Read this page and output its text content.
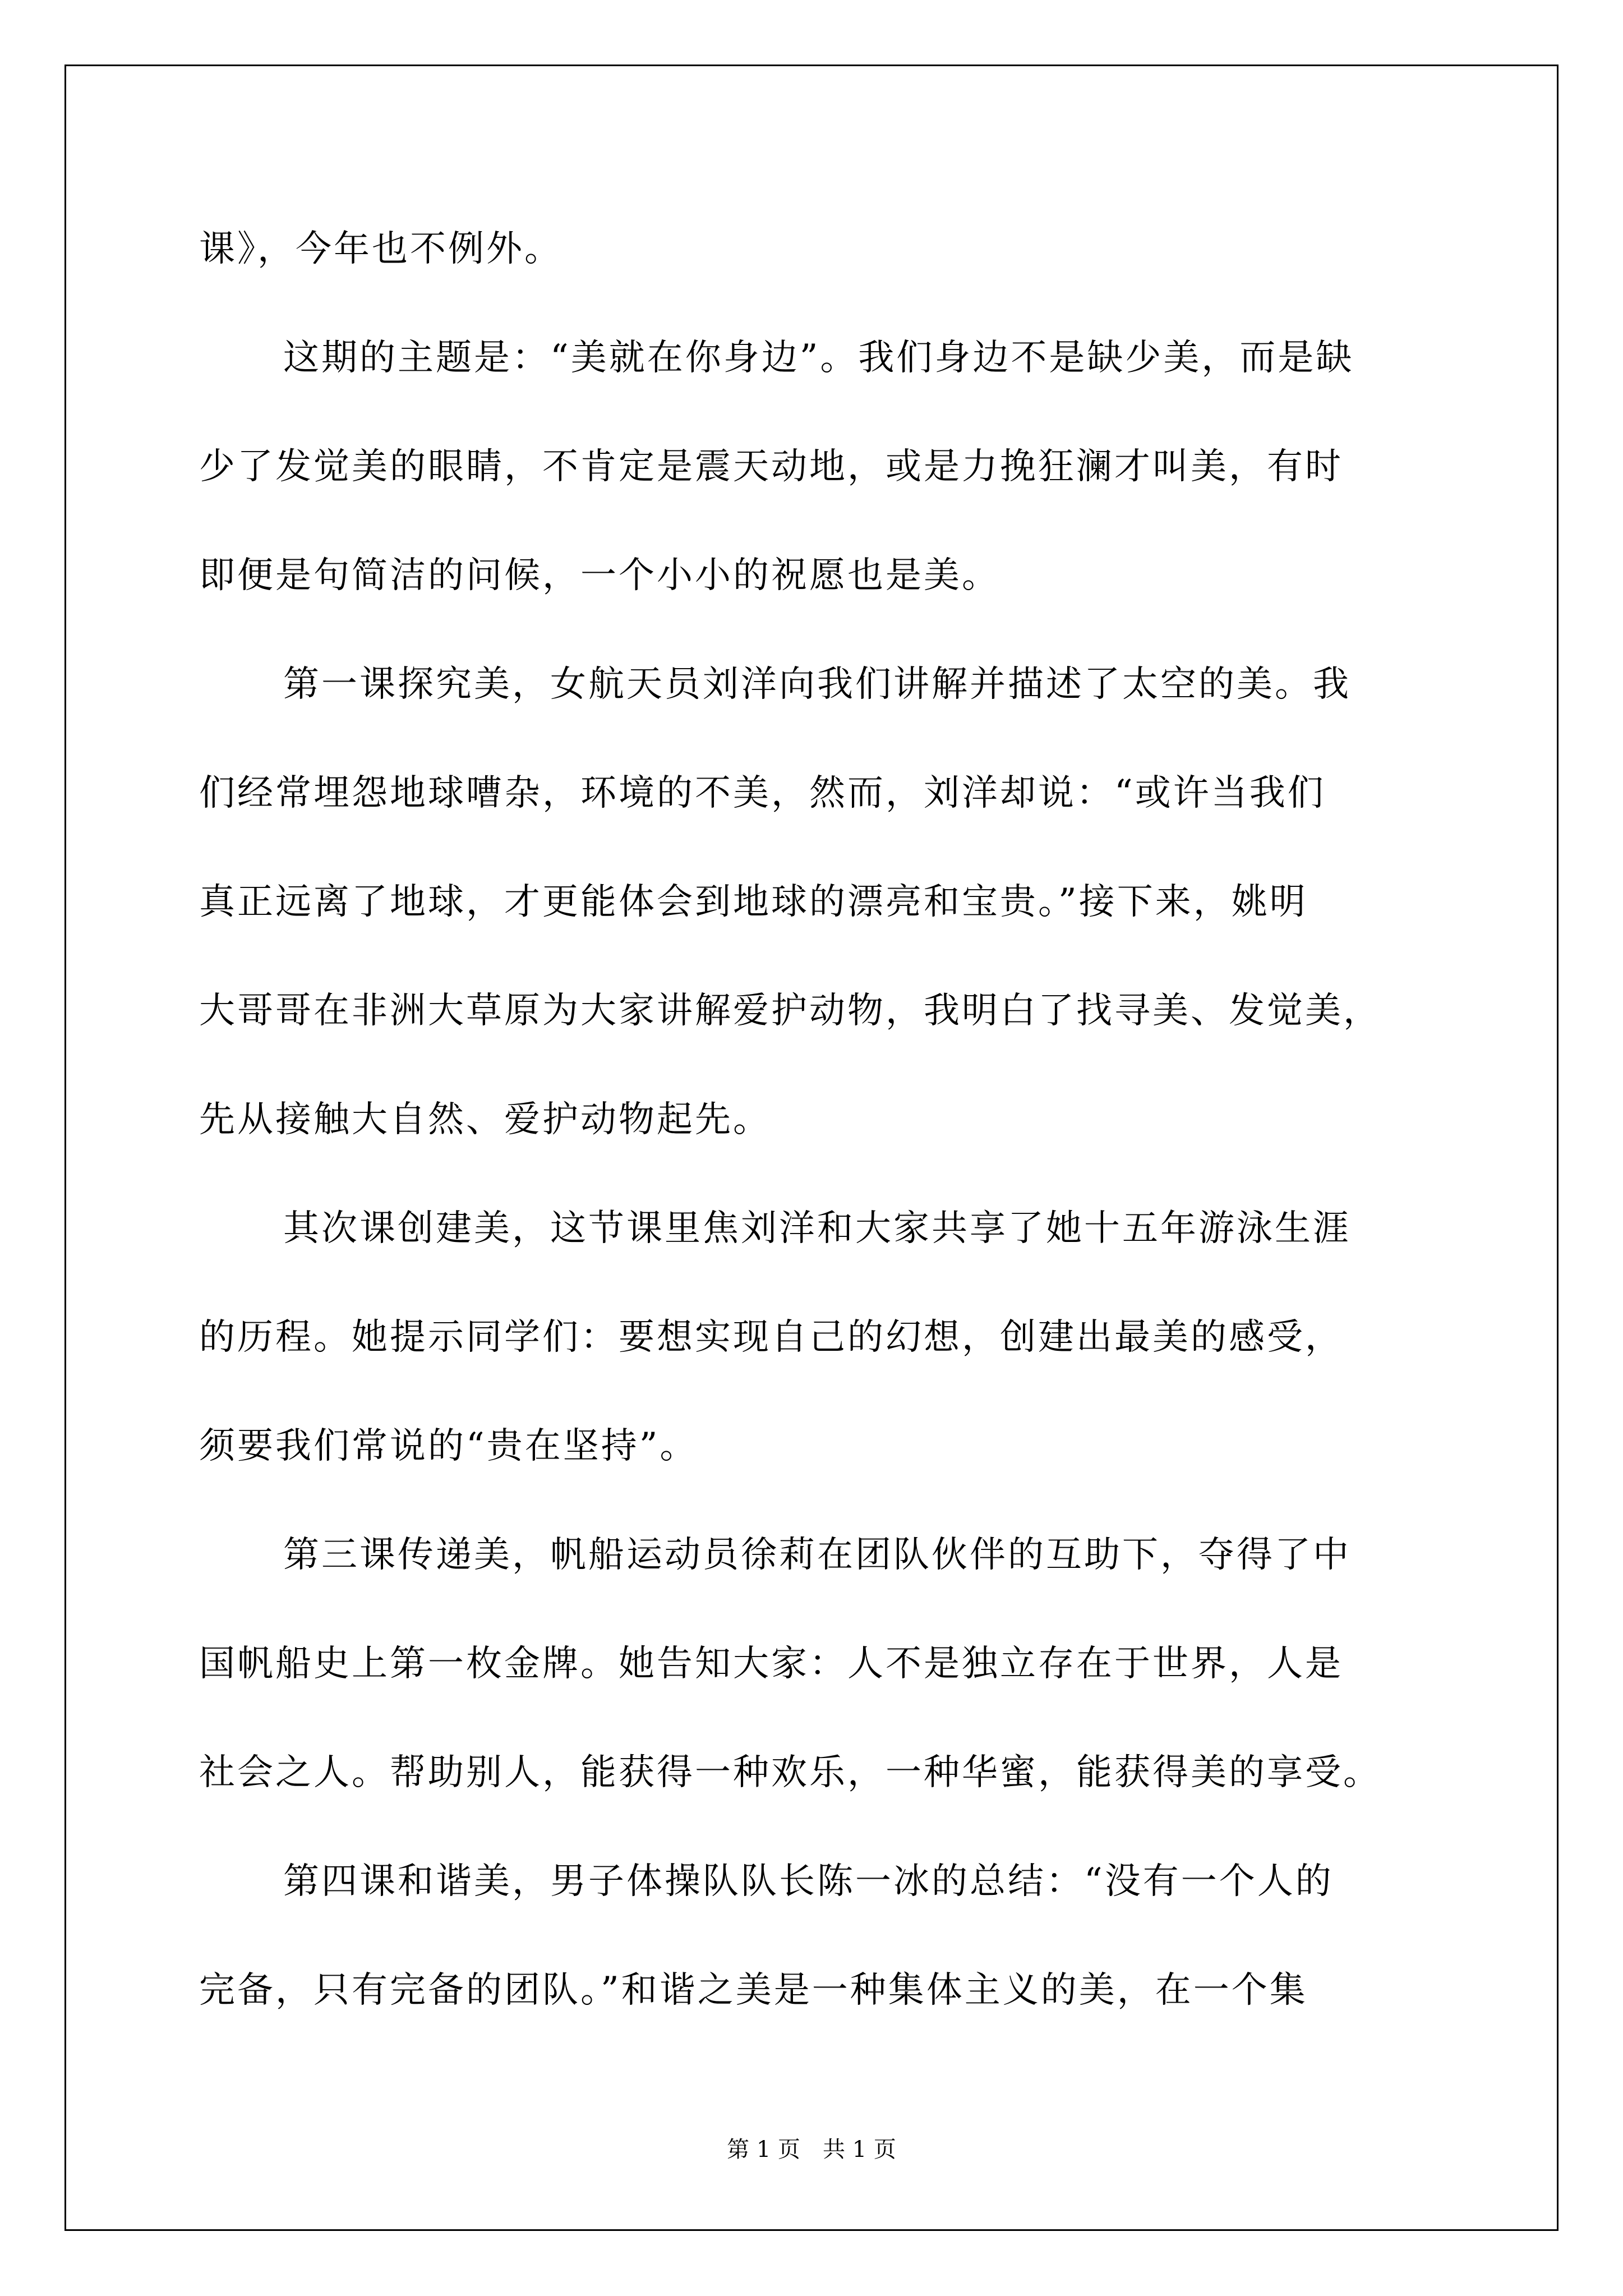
课》，今年也不例外。
这期的主题是：“美就在你身边”。我们身边不是缺少美，而是缺
少了发觉美的眼睛，不肯定是震天动地，或是力挽狂澜才叫美，有时
即便是句简洁的问候，一个小小的祝愿也是美。
第一课探究美，女航天员刘洋向我们讲解并描述了太空的美。我
们经常埋怨地球嘈杂，环境的不美，然而，刘洋却说：“或许当我们
真正远离了地球，才更能体会到地球的漂亮和宝贵。”接下来，姚明
大哥哥在非洲大草原为大家讲解爱护动物，我明白了找寻美、发觉美，
先从接触大自然、爱护动物起先。
其次课创建美，这节课里焦刘洋和大家共享了她十五年游泳生涯
的历程。她提示同学们：要想实现自己的幻想，创建出最美的感受，
须要我们常说的“贵在坚持”。
第三课传递美，帆船运动员徐莉在团队伙伴的互助下，夺得了中
国帆船史上第一枚金牌。她告知大家：人不是独立存在于世界，人是
社会之人。帮助别人，能获得一种欢乐，一种华蜜，能获得美的享受。
第四课和谐美，男子体操队队长陈一冰的总结：“没有一个人的
完备，只有完备的团队。”和谐之美是一种集体主义的美，在一个集
第 1 页　共 1 页
